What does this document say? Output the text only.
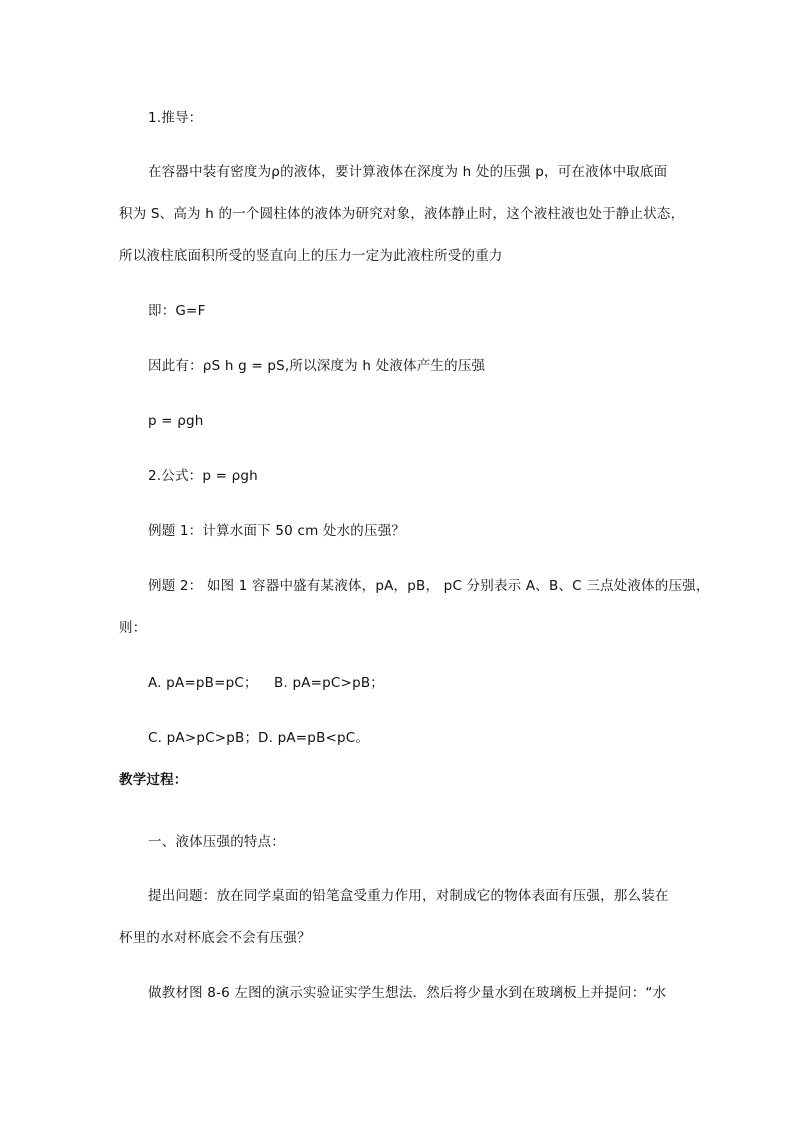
1.推导：

在容器中装有密度为ρ的液体，要计算液体在深度为 h 处的压强 p，可在液体中取底面

积为 S、高为 h 的一个圆柱体的液体为研究对象，液体静止时，这个液柱液也处于静止状态，

所以液柱底面积所受的竖直向上的压力一定为此液柱所受的重力

即：G=F

因此有：ρS h g = pS,所以深度为 h 处液体产生的压强

p = ρgh

2.公式：p = ρgh

例题 1：计算水面下 50 cm 处水的压强？

例题 2： 如图 1 容器中盛有某液体，pA，pB， pC 分别表示 A、B、C 三点处液体的压强，

则：

A. pA=pB=pC； B. pA=pC>pB；
C. pA>pC>pB； D. pA=pB<pC。

教学过程：

一、液体压强的特点：

提出问题：放在同学桌面的铅笔盒受重力作用，对制成它的物体表面有压强，那么装在

杯里的水对杯底会不会有压强？

做教材图 8-6 左图的演示实验证实学生想法．然后将少量水到在玻璃板上并提问：“水
